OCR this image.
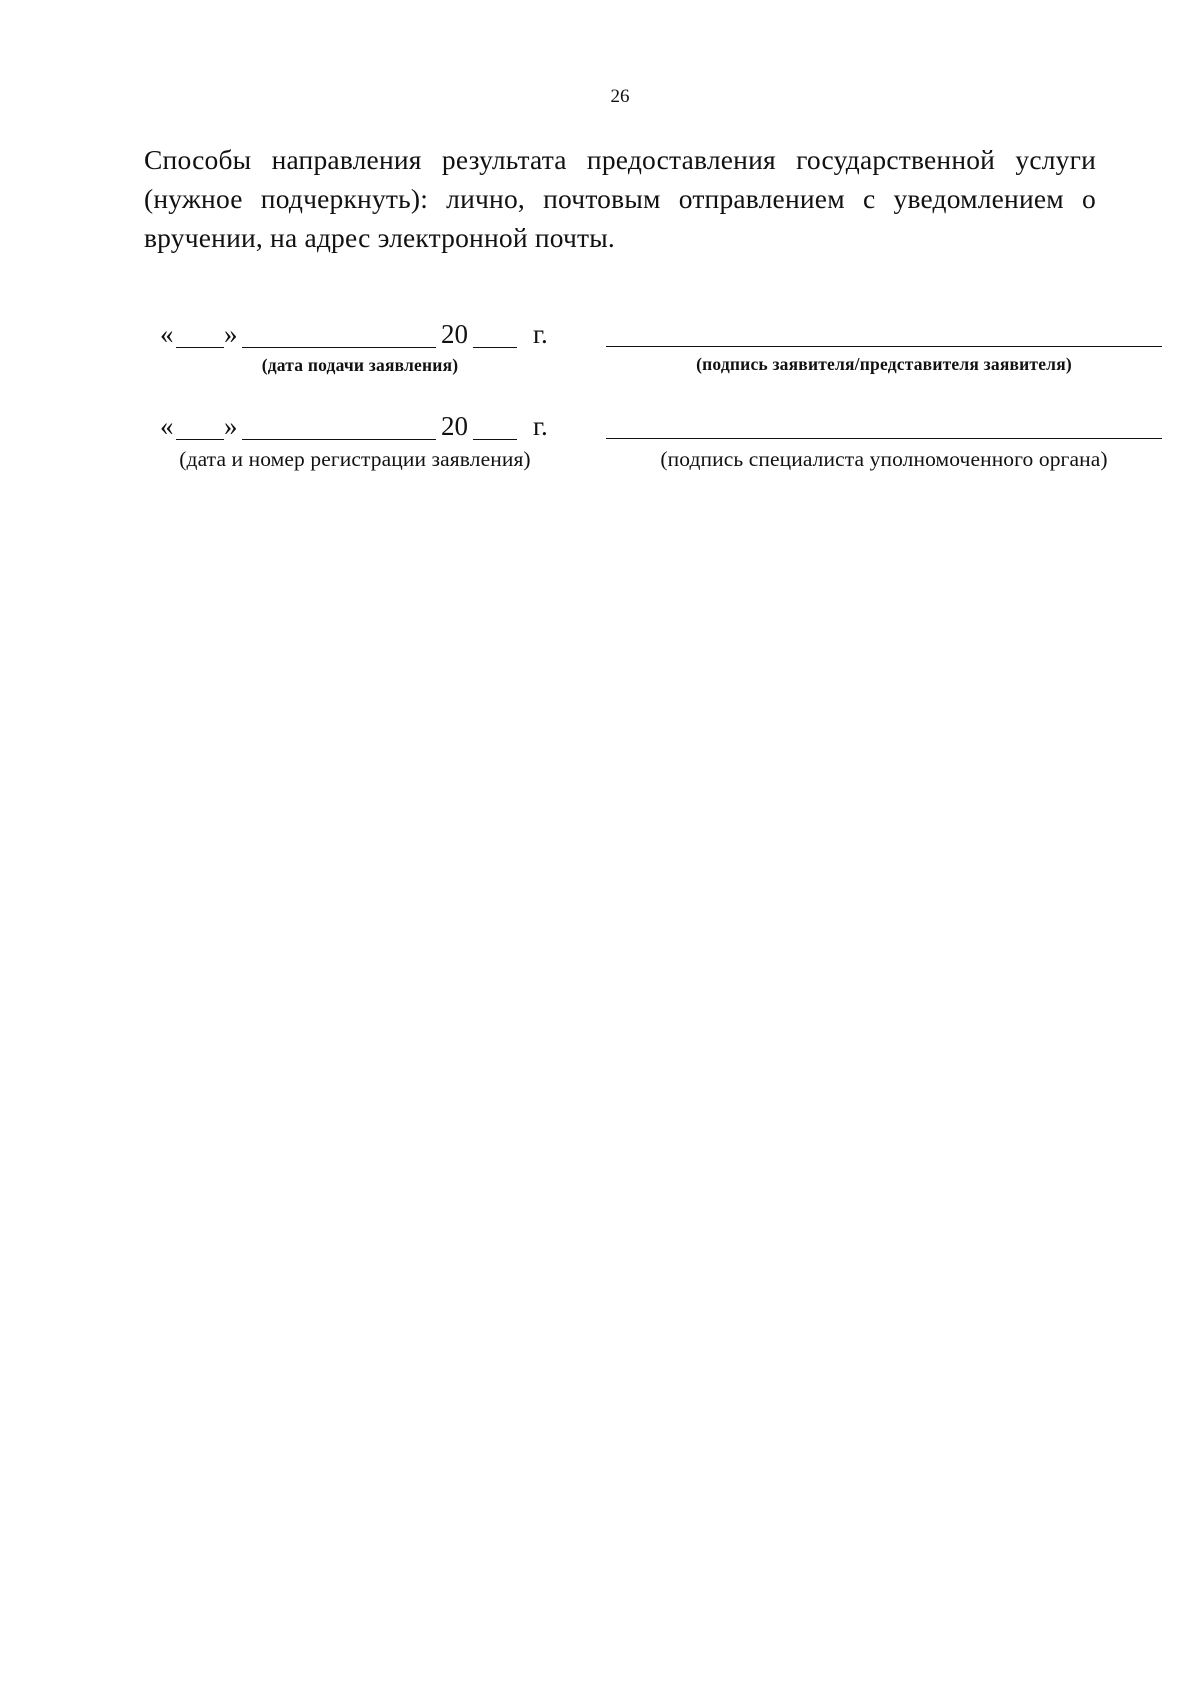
26
Способы направления результата предоставления государственной услуги (нужное подчеркнуть): лично, почтовым отправлением с уведомлением о вручении, на адрес электронной почты.
« »	20 г.
(дата подачи заявления)	(подпись заявителя/представителя заявителя)
« »	20 г.
(дата и номер регистрации заявления)	(подпись специалиста уполномоченного органа)
